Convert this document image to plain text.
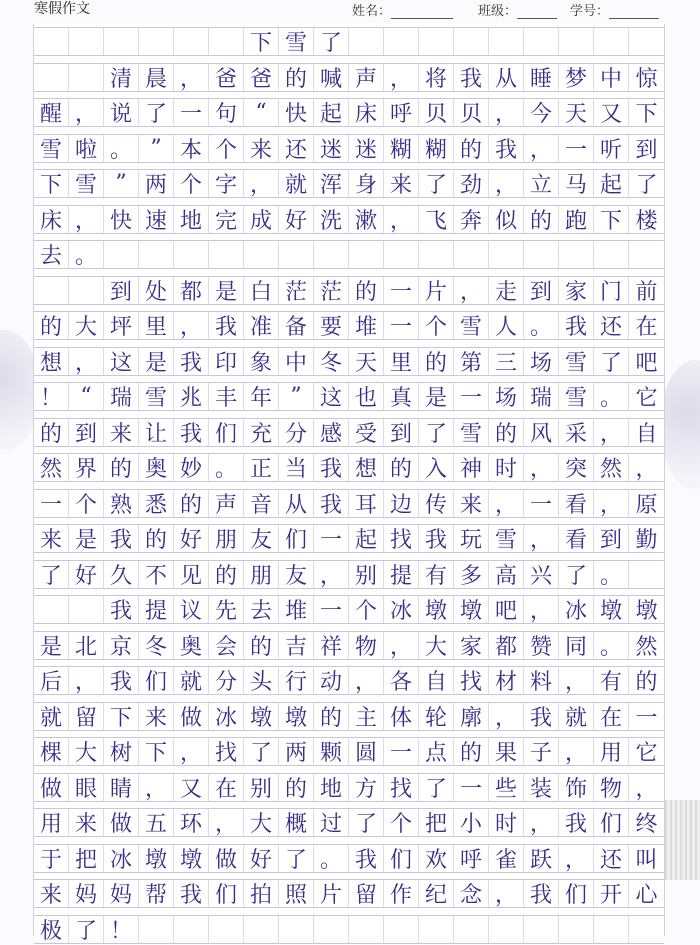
寒假作文	姓名：	班级：	学号：
下 雪 了
清 晨 ， 爸 爸 的 喊 声 ， 将 我 从 睡 梦 中 惊
醒 ， 说 了 一 句 “ 快 起 床 呼 贝 贝 ， 今 天 又 下
雪 啦 。 ” 本 个 来 还 迷 迷 糊 糊 的 我 ， 一 听 到
下 雪 ” 两 个 字 ， 就 浑 身 来 了 劲 ， 立 马 起 了
床 ， 快 速 地 完 成 好 洗 漱 ， 飞 奔 似 的 跑 下 楼
去 。
到 处 都 是 白 茫 茫 的 一 片 ， 走 到 家 门 前
的 大 坪 里 ， 我 准 备 要 堆 一 个 雪 人 。 我 还 在
想 ， 这 是 我 印 象 中 冬 天 里 的 第 三 场 雪 了 吧
！ “ 瑞 雪 兆 丰 年 ” 这 也 真 是 一 场 瑞 雪 。 它
的 到 来 让 我 们 充 分 感 受 到 了 雪 的 风 采 ， 自
然 界 的 奥 妙 。 正 当 我 想 的 入 神 时 ， 突 然 ，
一 个 熟 悉 的 声 音 从 我 耳 边 传 来 ， 一 看 ， 原
来 是 我 的 好 朋 友 们 一 起 找 我 玩 雪 ， 看 到 勤
了 好 久 不 见 的 朋 友 ， 别 提 有 多 高 兴 了 。
我 提 议 先 去 堆 一 个 冰 墩 墩 吧 ， 冰 墩 墩
是 北 京 冬 奥 会 的 吉 祥 物 ， 大 家 都 赞 同 。 然
后 ， 我 们 就 分 头 行 动 ， 各 自 找 材 料 ， 有 的
就 留 下 来 做 冰 墩 墩 的 主 体 轮 廓 ， 我 就 在 一
棵 大 树 下 ， 找 了 两 颗 圆 一 点 的 果 子 ， 用 它
做 眼 睛 ， 又 在 别 的 地 方 找 了 一 些 装 饰 物 ，
用 来 做 五 环 ， 大 概 过 了 个 把 小 时 ， 我 们 终
于 把 冰 墩 墩 做 好 了 。 我 们 欢 呼 雀 跃 ， 还 叫
来 妈 妈 帮 我 们 拍 照 片 留 作 纪 念 ， 我 们 开 心
极 了 ！
